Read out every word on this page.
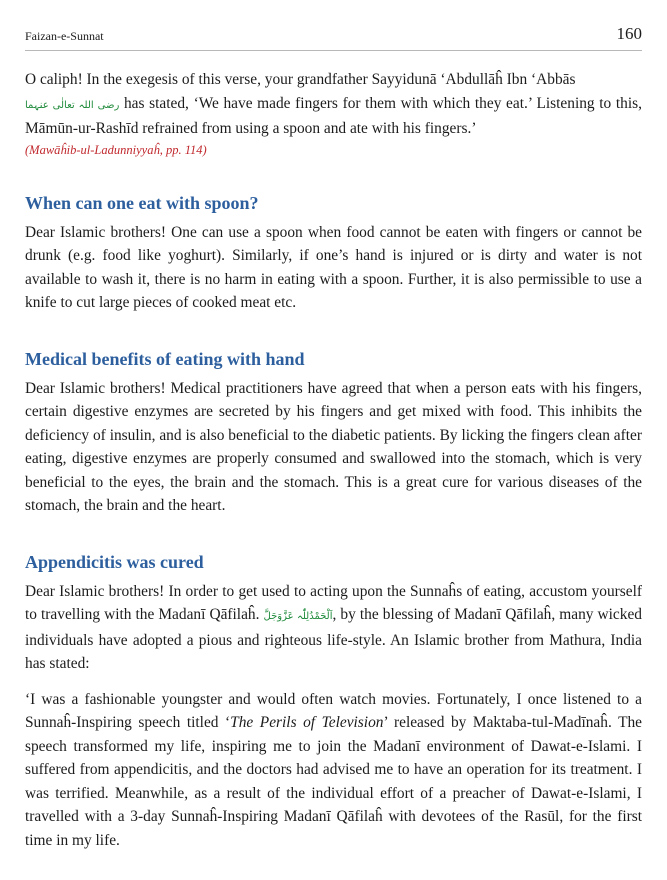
Faizan-e-Sunnat	160

O caliph! In the exegesis of this verse, your grandfather Sayyidunā ‘Abdullāĥ Ibn ‘Abbās
رضی اللہ تعالٰی عنہما has stated, ‘We have made fingers for them with which they eat.’ Listening to this, Māmūn-ur-Rashīd refrained from using a spoon and ate with his fingers.’
(Mawāĥib-ul-Ladunniyyaĥ, pp. 114)

When can one eat with spoon?

Dear Islamic brothers! One can use a spoon when food cannot be eaten with fingers or cannot be drunk (e.g. food like yoghurt). Similarly, if one’s hand is injured or is dirty and water is not available to wash it, there is no harm in eating with a spoon. Further, it is also permissible to use a knife to cut large pieces of cooked meat etc.

Medical benefits of eating with hand

Dear Islamic brothers! Medical practitioners have agreed that when a person eats with his fingers, certain digestive enzymes are secreted by his fingers and get mixed with food. This inhibits the deficiency of insulin, and is also beneficial to the diabetic patients. By licking the fingers clean after eating, digestive enzymes are properly consumed and swallowed into the stomach, which is very beneficial to the eyes, the brain and the stomach. This is a great cure for various diseases of the stomach, the brain and the heart.

Appendicitis was cured

Dear Islamic brothers! In order to get used to acting upon the Sunnaĥs of eating, accustom yourself to travelling with the Madanī Qāfilaĥ. اَلْحَمْدُلِلّٰہ عَزَّوَجَلَّ, by the blessing of Madanī Qāfilaĥ, many wicked individuals have adopted a pious and righteous life-style. An Islamic brother from Mathura, India has stated:

‘I was a fashionable youngster and would often watch movies. Fortunately, I once listened to a Sunnaĥ-Inspiring speech titled ‘The Perils of Television’ released by Maktaba-tul-Madīnaĥ. The speech transformed my life, inspiring me to join the Madanī environment of Dawat-e-Islami. I suffered from appendicitis, and the doctors had advised me to have an operation for its treatment. I was terrified. Meanwhile, as a result of the individual effort of a preacher of Dawat-e-Islami, I travelled with a 3-day Sunnaĥ-Inspiring Madanī Qāfilaĥ with devotees of the Rasūl, for the first time in my life.
